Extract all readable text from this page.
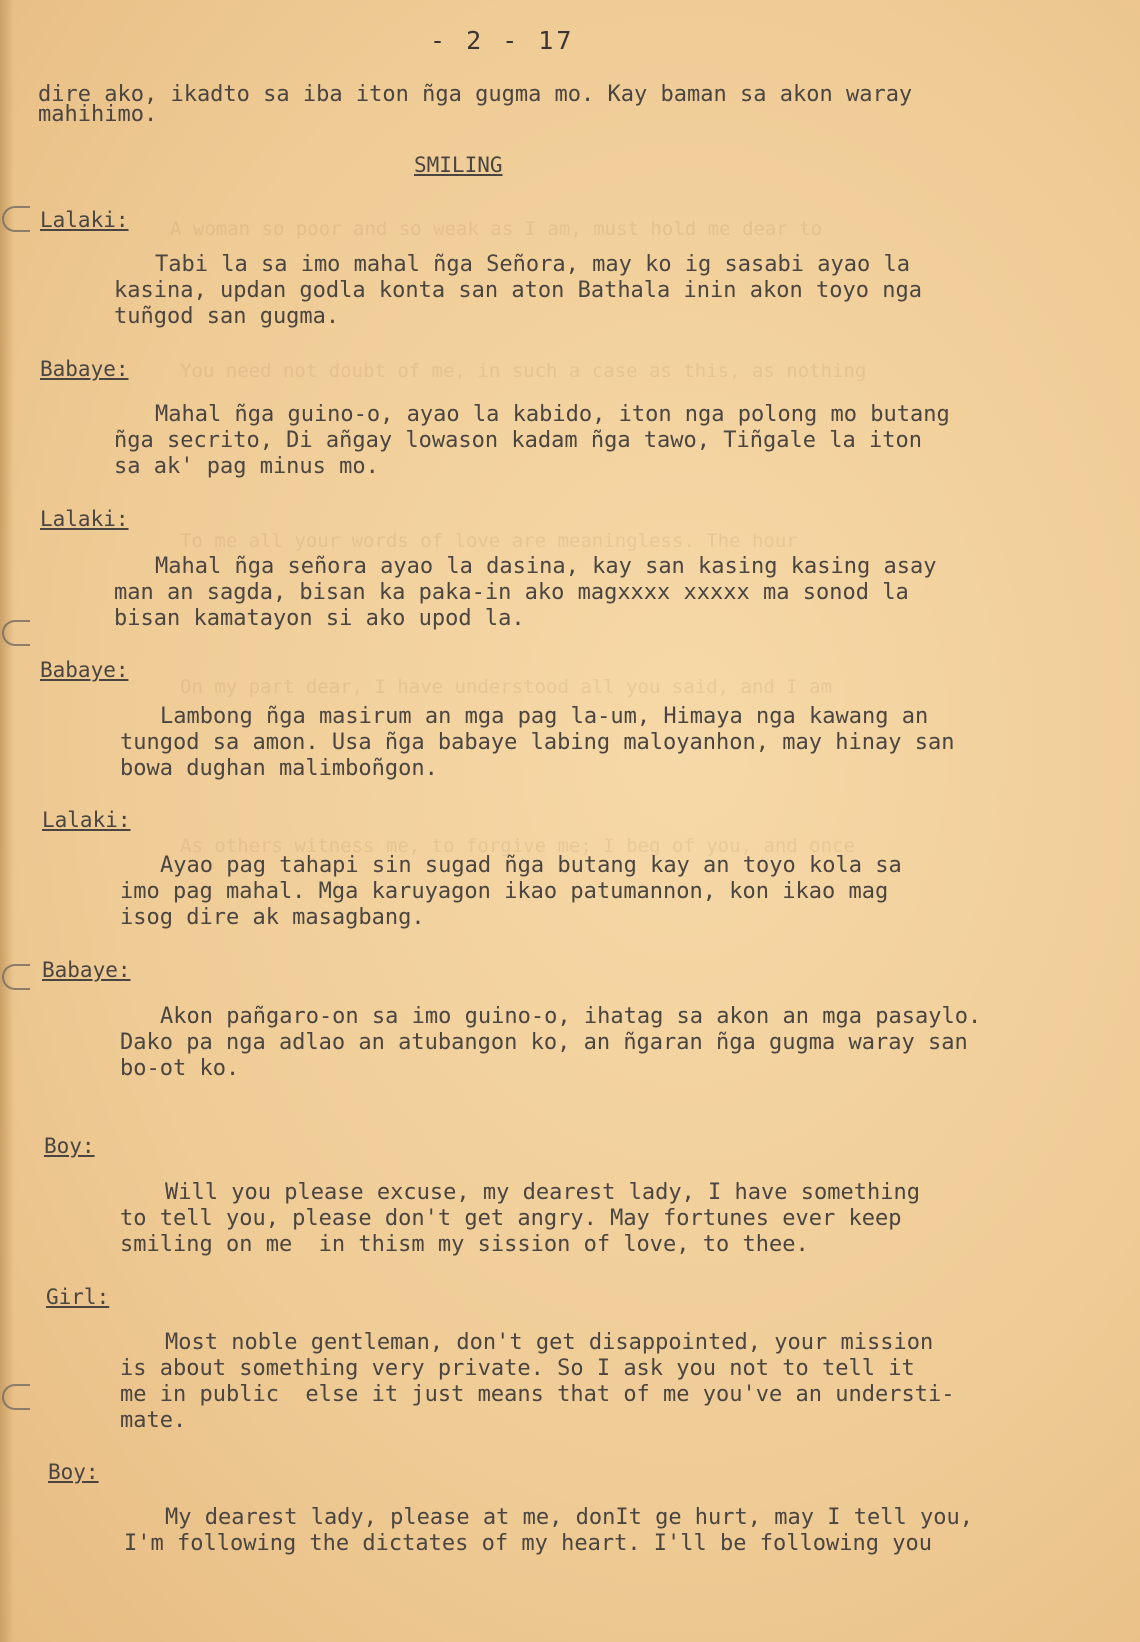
A woman so poor and so weak as I am, must hold me dear to
You need not doubt of me, in such a case as this, as nothing
To me all your words of love are meaningless. The hour
On my part dear, I have understood all you said, and I am
As others witness me, to forgive me; I beg of you, and once
- 2 - 17
dire ako, ikadto sa iba iton ñga gugma mo. Kay baman sa akon waray
mahihimo.
SMILING
Lalaki:
Tabi la sa imo mahal ñga Señora, may ko ig sasabi ayao la
kasina, updan godla konta san aton Bathala inin akon toyo nga
tuñgod san gugma.
Babaye:
Mahal ñga guino-o, ayao la kabido, iton nga polong mo butang
ñga secrito, Di añgay lowason kadam ñga tawo, Tiñgale la iton
sa ak' pag minus mo.
Lalaki:
Mahal ñga señora ayao la dasina, kay san kasing kasing asay
man an sagda, bisan ka paka-in ako magxxxx xxxxx ma sonod la
bisan kamatayon si ako upod la.
Babaye:
Lambong ñga masirum an mga pag la-um, Himaya nga kawang an
tungod sa amon. Usa ñga babaye labing maloyanhon, may hinay san
bowa dughan malimboñgon.
Lalaki:
Ayao pag tahapi sin sugad ñga butang kay an toyo kola sa
imo pag mahal. Mga karuyagon ikao patumannon, kon ikao mag
isog dire ak masagbang.
Babaye:
Akon pañgaro-on sa imo guino-o, ihatag sa akon an mga pasaylo.
Dako pa nga adlao an atubangon ko, an ñgaran ñga gugma waray san
bo-ot ko.
Boy:
Will you please excuse, my dearest lady, I have something
to tell you, please don't get angry. May fortunes ever keep
smiling on me  in thism my sission of love, to thee.
Girl:
Most noble gentleman, don't get disappointed, your mission
is about something very private. So I ask you not to tell it
me in public  else it just means that of me you've an understi-
mate.
Boy:
My dearest lady, please at me, donIt ge hurt, may I tell you,
I'm following the dictates of my heart. I'll be following you
